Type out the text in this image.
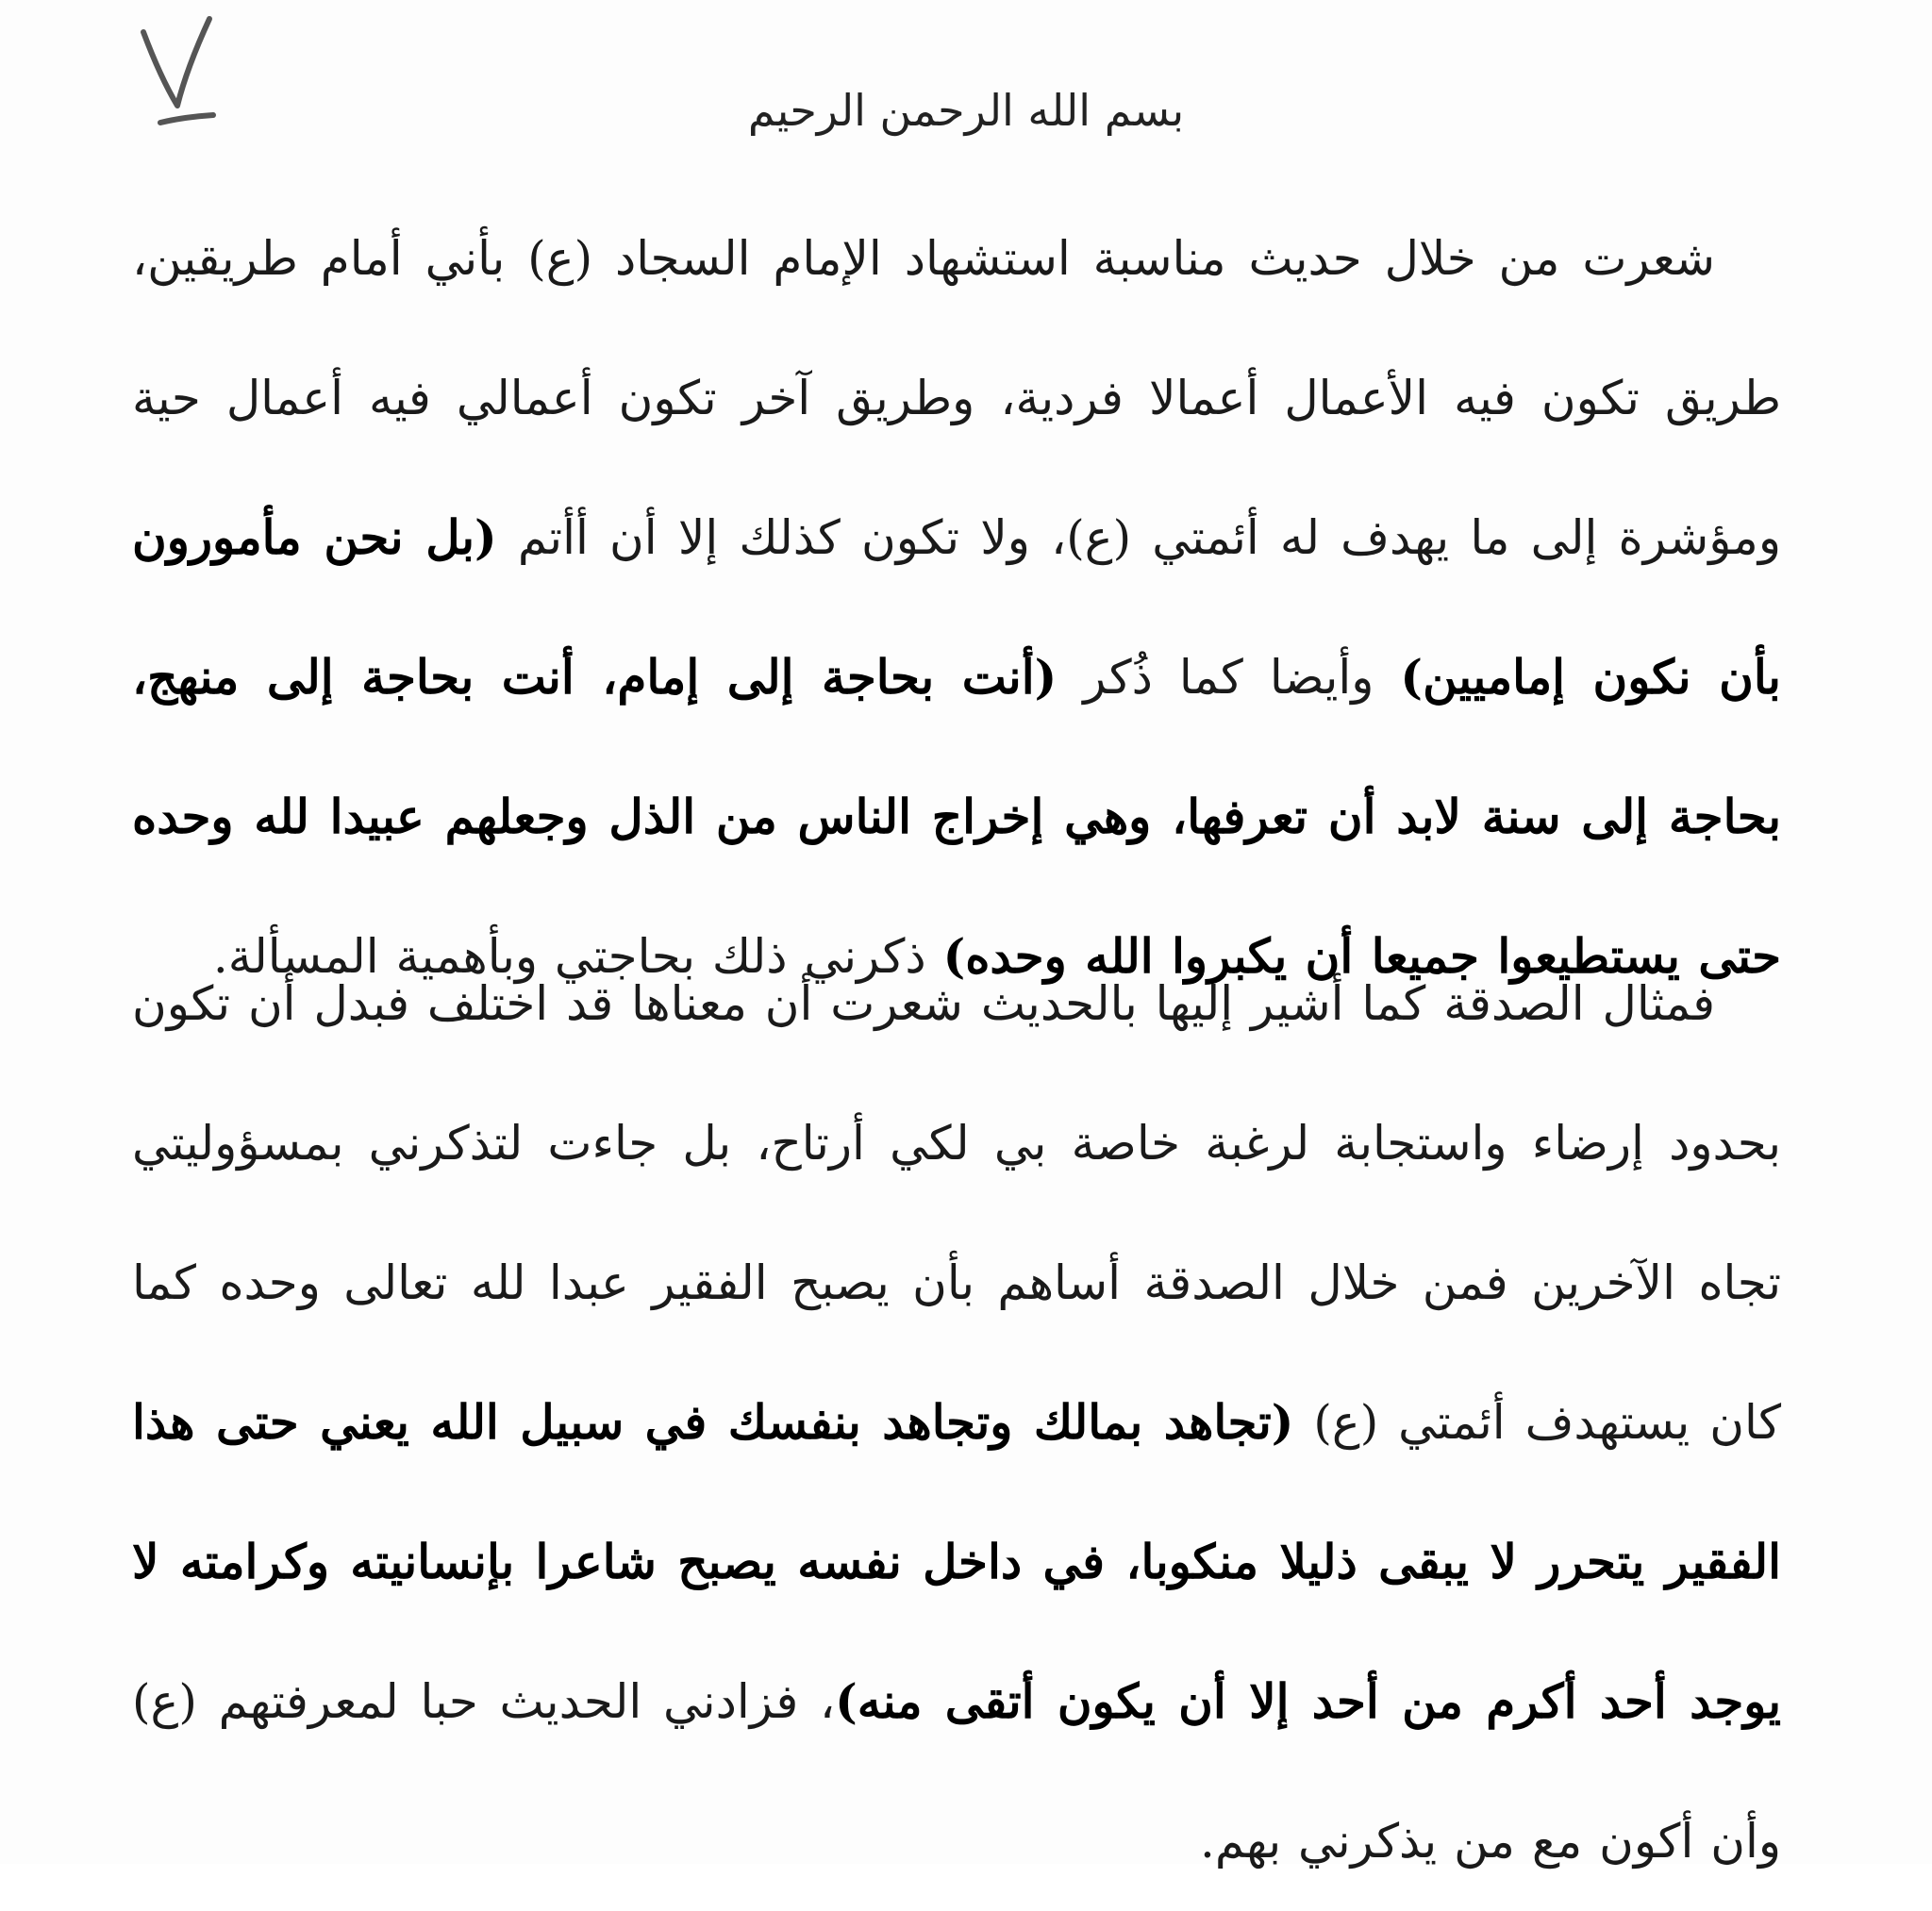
بسم الله الرحمن الرحيم
شعرت من خلال حديث مناسبة استشهاد الإمام السجاد (ع) بأني أمام طريقين، طريق تكون فيه الأعمال أعمالا فردية، وطريق آخر تكون أعمالي فيه أعمال حية ومؤشرة إلى ما يهدف له أئمتي (ع)، ولا تكون كذلك إلا أن أأتم (بل نحن مأمورون بأن نكون إماميين) وأيضا كما ذُكر (أنت بحاجة إلى إمام، أنت بحاجة إلى منهج، بحاجة إلى سنة لابد أن تعرفها، وهي إخراج الناس من الذل وجعلهم عبيدا لله وحده حتى يستطيعوا جميعا أن يكبروا الله وحده) ذكرني ذلك بحاجتي وبأهمية المسألة.
فمثال الصدقة كما أشير إليها بالحديث شعرت أن معناها قد اختلف فبدل أن تكون بحدود إرضاء واستجابة لرغبة خاصة بي لكي أرتاح، بل جاءت لتذكرني بمسؤوليتي تجاه الآخرين فمن خلال الصدقة أساهم بأن يصبح الفقير عبدا لله تعالى وحده كما كان يستهدف أئمتي (ع) (تجاهد بمالك وتجاهد بنفسك في سبيل الله يعني حتى هذا الفقير يتحرر لا يبقى ذليلا منكوبا، في داخل نفسه يصبح شاعرا بإنسانيته وكرامته لا يوجد أحد أكرم من أحد إلا أن يكون أتقى منه)، فزادني الحديث حبا لمعرفتهم (ع) وأن أكون مع من يذكرني بهم.
